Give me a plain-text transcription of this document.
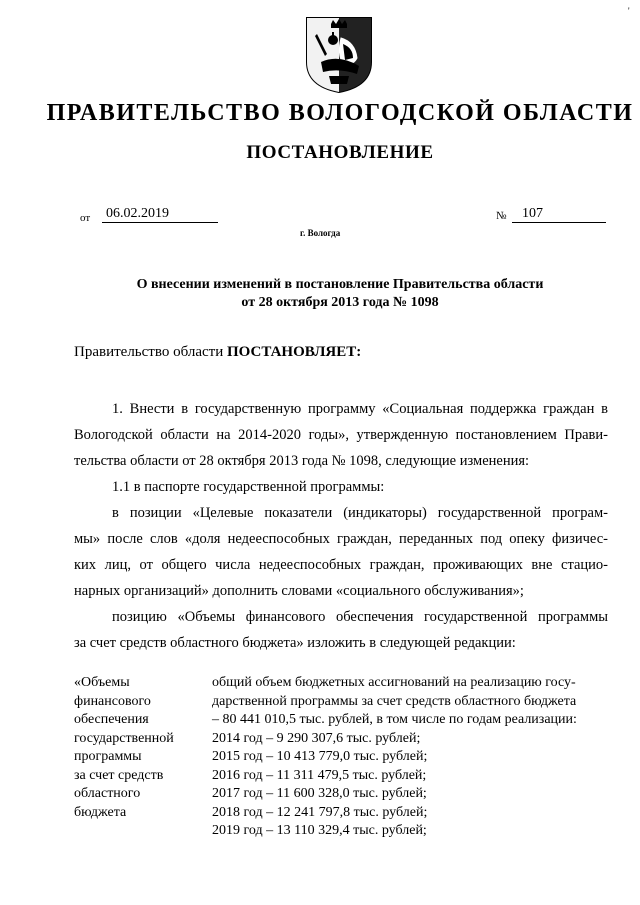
'
ПРАВИТЕЛЬСТВО ВОЛОГОДСКОЙ ОБЛАСТИ
ПОСТАНОВЛЕНИЕ
от 06.02.2019	№	107
г. Вологда
О внесении изменений в постановление Правительства области
от 28 октября 2013 года № 1098
Правительство области ПОСТАНОВЛЯЕТ:

1. Внести в государственную программу «Социальная поддержка граждан в

Вологодской области на 2014-2020 годы», утвержденную постановлением Прави-

тельства области от 28 октября 2013 года № 1098, следующие изменения:

1.1 в паспорте государственной программы:

в позиции «Целевые показатели (индикаторы) государственной програм-

мы» после слов «доля недееспособных граждан, переданных под опеку физичес-

ких лиц, от общего числа недееспособных граждан, проживающих вне стацио-

нарных организаций» дополнить словами «социального обслуживания»;

позицию «Объемы финансового обеспечения государственной программы

за счет средств областного бюджета» изложить в следующей редакции:

«Объемы
финансового
обеспечения
государственной
программы
за счет средств
областного
бюджета
общий объем бюджетных ассигнований на реализацию госу-
дарственной программы за счет средств областного бюджета
– 80 441 010,5 тыс. рублей, в том числе по годам реализации:
2014 год – 9 290 307,6 тыс. рублей;
2015 год – 10 413 779,0 тыс. рублей;
2016 год – 11 311 479,5 тыс. рублей;
2017 год – 11 600 328,0 тыс. рублей;
2018 год – 12 241 797,8 тыс. рублей;
2019 год – 13 110 329,4 тыс. рублей;
